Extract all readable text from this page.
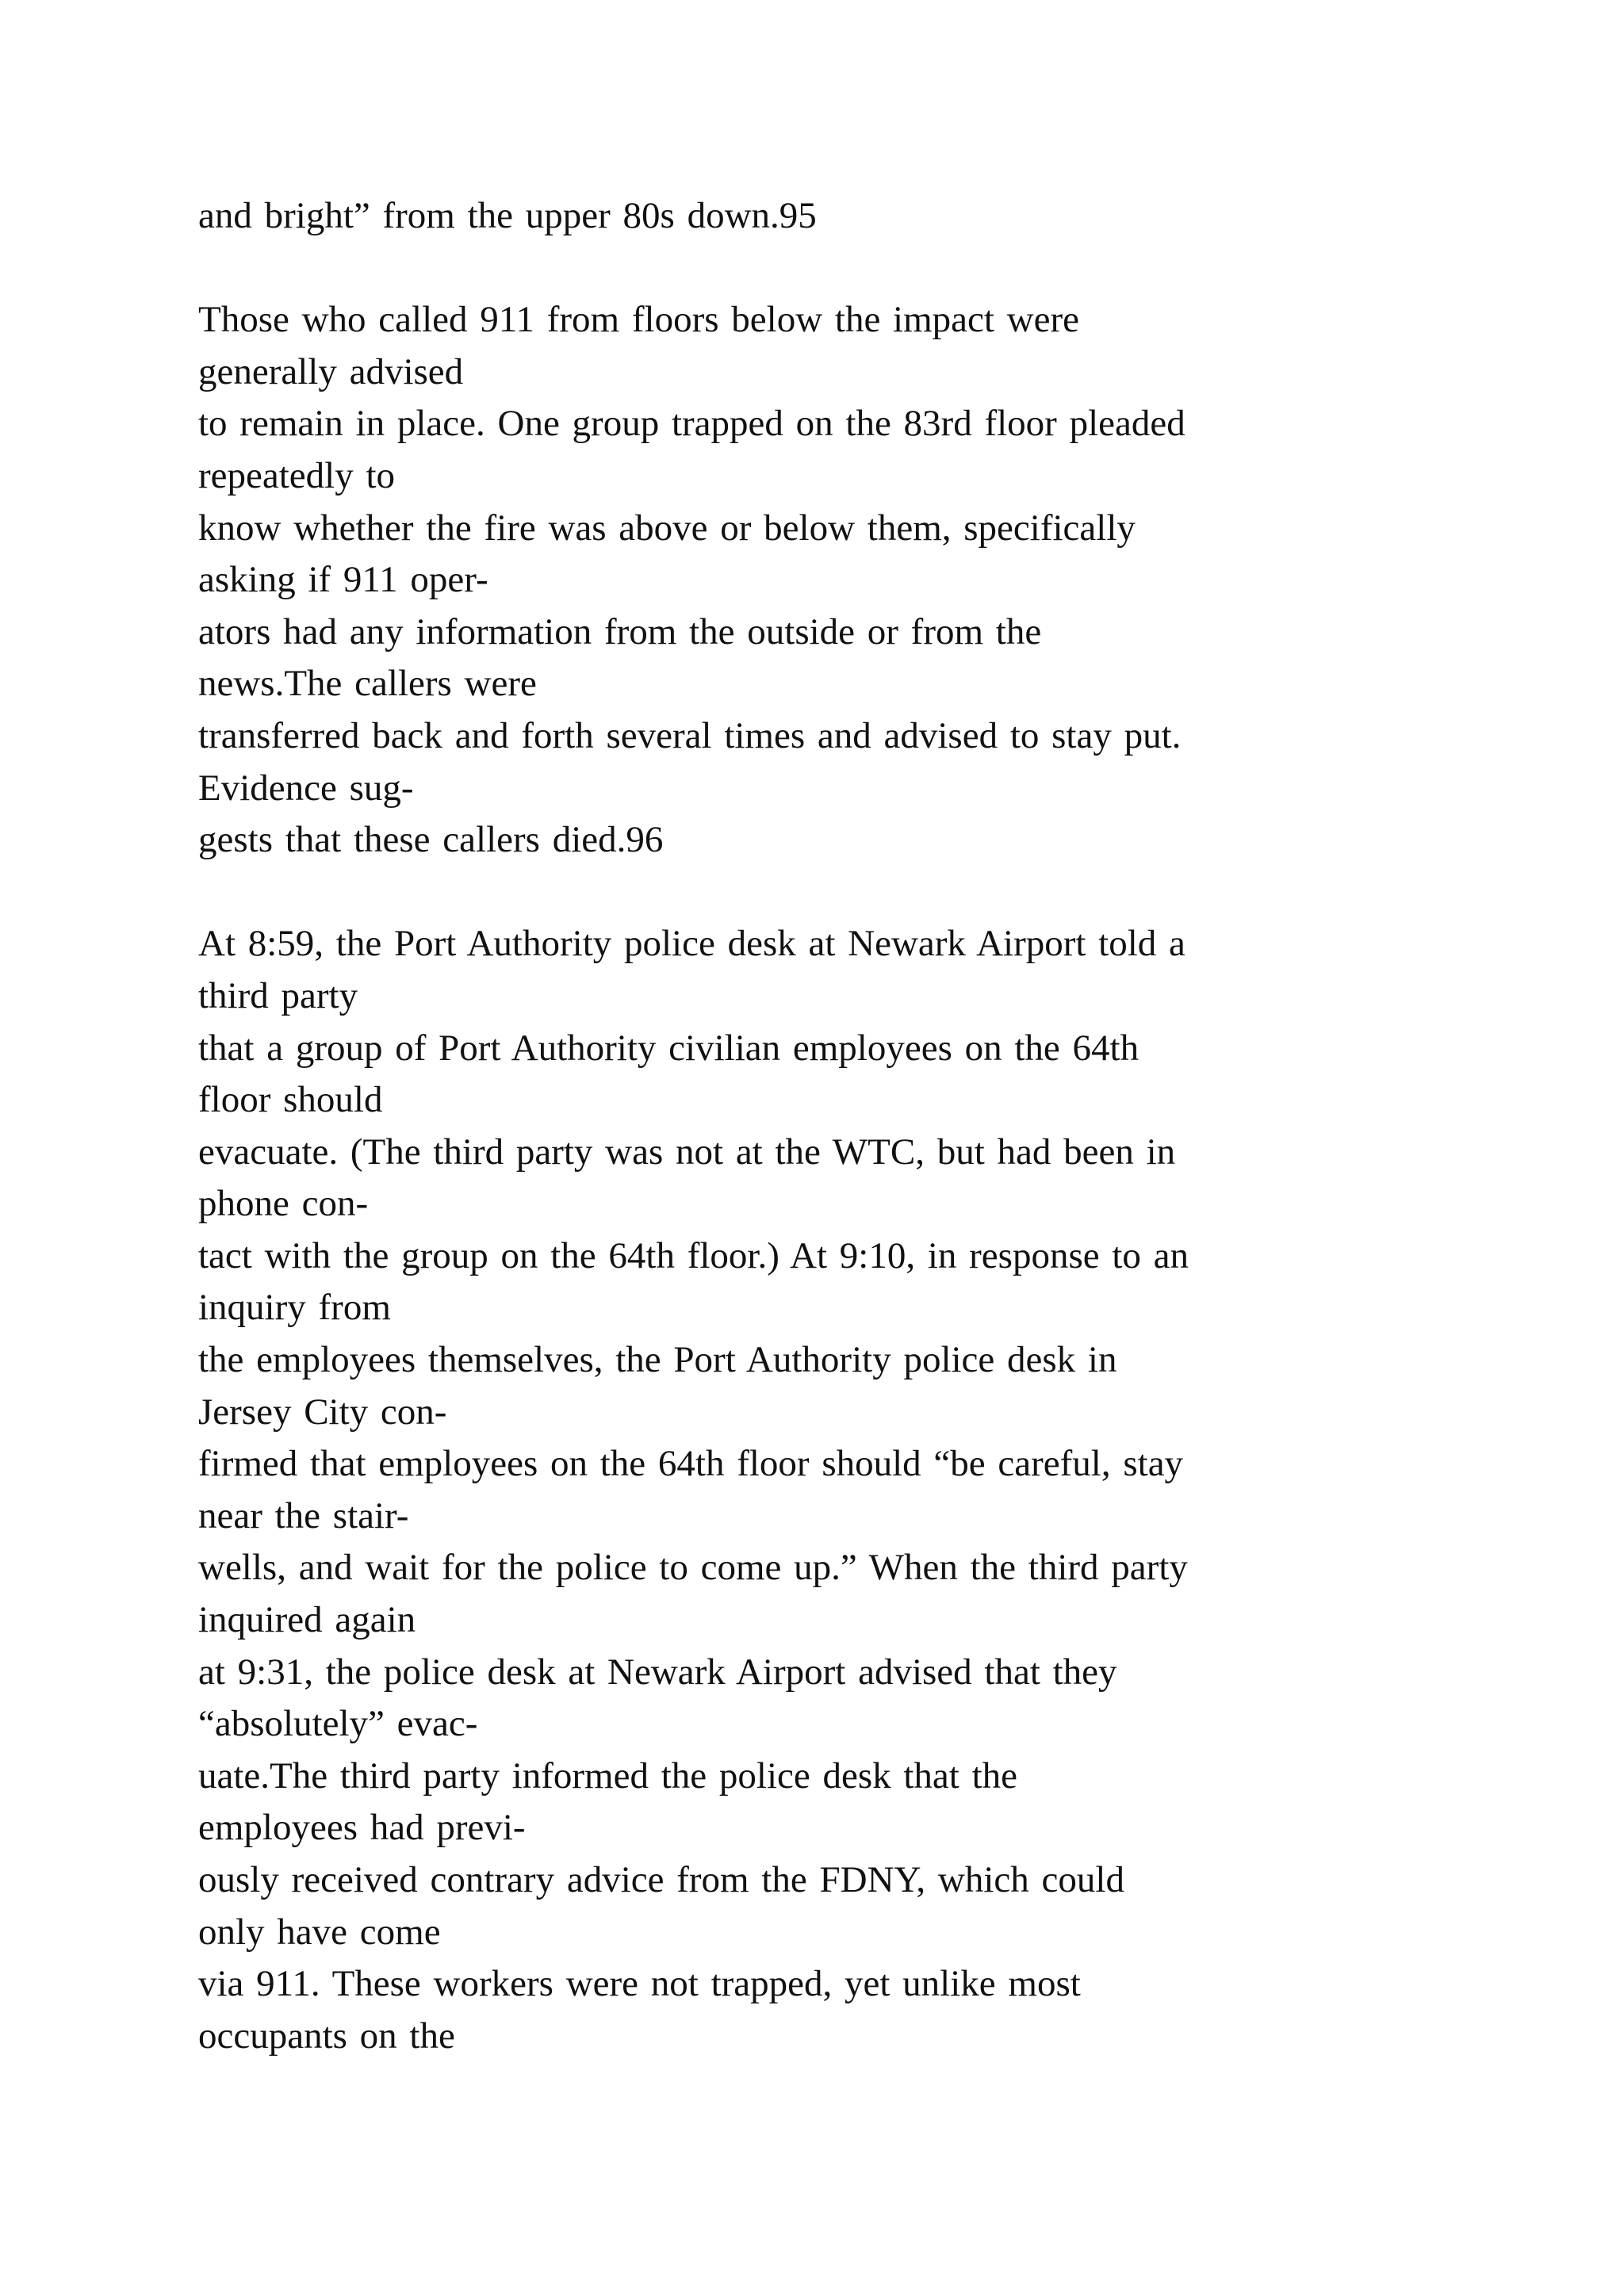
and bright” from the upper 80s down.95

Those who called 911 from floors below the impact were
generally advised
to remain in place. One group trapped on the 83rd floor pleaded
repeatedly to
know whether the fire was above or below them, specifically
asking if 911 oper-
ators had any information from the outside or from the
news.The callers were
transferred back and forth several times and advised to stay put.
Evidence sug-
gests that these callers died.96

At 8:59, the Port Authority police desk at Newark Airport told a
third party
that a group of Port Authority civilian employees on the 64th
floor should
evacuate. (The third party was not at the WTC, but had been in
phone con-
tact with the group on the 64th floor.) At 9:10, in response to an
inquiry from
the employees themselves, the Port Authority police desk in
Jersey City con-
firmed that employees on the 64th floor should “be careful, stay
near the stair-
wells, and wait for the police to come up.” When the third party
inquired again
at 9:31, the police desk at Newark Airport advised that they
“absolutely” evac-
uate.The third party informed the police desk that the
employees had previ-
ously received contrary advice from the FDNY, which could
only have come
via 911. These workers were not trapped, yet unlike most
occupants on the
